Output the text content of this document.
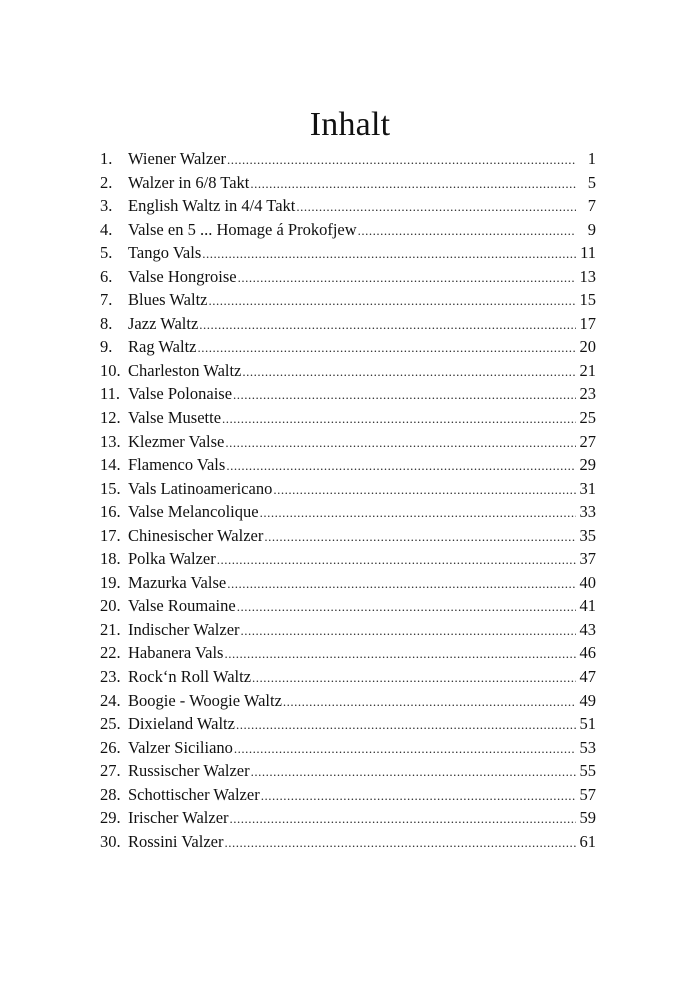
Inhalt
1. Wiener Walzer .....	1
2. Walzer in 6/8 Takt .....	5
3. English Waltz in 4/4 Takt .....	7
4. Valse en 5 ... Homage á Prokofjew .....	9
5. Tango Vals .....	11
6. Valse Hongroise .....	13
7. Blues Waltz .....	15
8. Jazz Waltz .....	17
9. Rag Waltz .....	20
10. Charleston Waltz .....	21
11. Valse Polonaise .....	23
12. Valse Musette .....	25
13. Klezmer Valse .....	27
14. Flamenco Vals .....	29
15. Vals Latinoamericano .....	31
16. Valse Melancolique .....	33
17. Chinesischer Walzer .....	35
18. Polka Walzer .....	37
19. Mazurka Valse .....	40
20. Valse Roumaine .....	41
21. Indischer Walzer .....	43
22. Habanera Vals .....	46
23. Rock‘n Roll Waltz .....	47
24. Boogie - Woogie Waltz .....	49
25. Dixieland Waltz .....	51
26. Valzer Siciliano .....	53
27. Russischer Walzer .....	55
28. Schottischer Walzer .....	57
29. Irischer Walzer .....	59
30. Rossini Valzer .....	61
